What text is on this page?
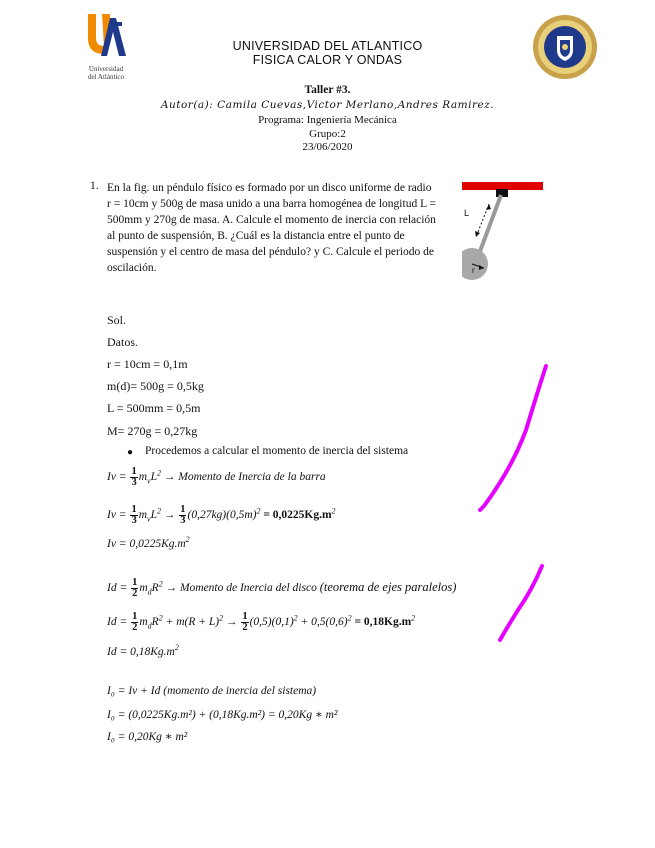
Universidad
del Atlántico
UNIVERSIDAD DEL ATLANTICO
FISICA CALOR Y ONDAS
Taller #3.
Autor(a): Camila Cuevas,Victor Merlano,Andres Ramirez.
Programa: Ingeniería Mecánica
Grupo:2
23/06/2020
1. En la fig. un péndulo físico es formado por un disco uniforme de radio r = 10cm y 500g de masa unido a una barra homogénea de longitud L = 500mm y 270g de masa. A. Calcule el momento de inercia con relación al punto de suspensión, B. ¿Cuál es la distancia entre el punto de suspensión y el centro de masa del péndulo? y C. Calcule el periodo de oscilación.
L
r
Sol.
Datos.
r = 10cm = 0,1m
m(d)= 500g = 0,5kg
L = 500mm = 0,5m
M= 270g = 0,27kg
● Procedemos a calcular el momento de inercia del sistema
$Iv = \frac{1}{3} m_vL^2$ → Momento de Inercia de la barra
$Iv = \frac{1}{3} m_vL^2 \to \frac{1}{3} (0,27kg)(0,5m)^2 = 0,0225Kg.m^2$
$Iv = 0,0225Kg.m^2$
$Id = \frac{1}{2} m_dR^2$ → Momento de Inercia del disco (teorema de ejes paralelos)
$Id = \frac{1}{2} m_dR^2 + m(R + L)^2 \to \frac{1}{2} (0,5)(0,1)^2 + 0,5(0,6)^2 = 0,18Kg.m^2$
$Id = 0,18Kg.m^2$
I₀ = Iv + Id (momento de inercia del sistema)
I₀ = (0,0225Kg.m²) + (0,18Kg.m²) = 0,20Kg ∗ m²
I₀ = 0,20Kg ∗ m²
